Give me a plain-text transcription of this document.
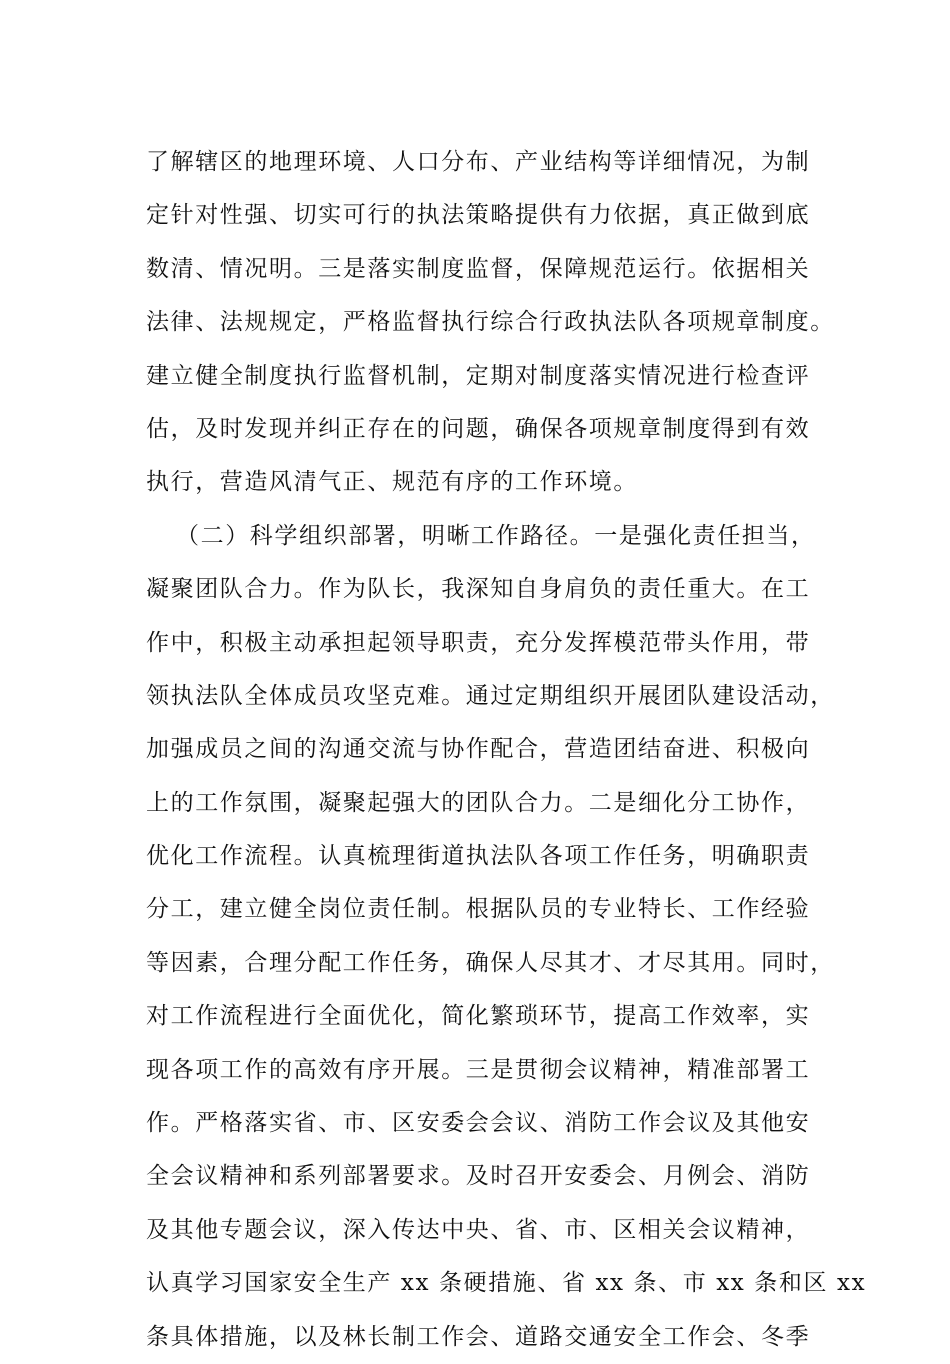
了解辖区的地理环境、人口分布、产业结构等详细情况，为制
定针对性强、切实可行的执法策略提供有力依据，真正做到底
数清、情况明。三是落实制度监督，保障规范运行。依据相关
法律、法规规定，严格监督执行综合行政执法队各项规章制度。
建立健全制度执行监督机制，定期对制度落实情况进行检查评
估，及时发现并纠正存在的问题，确保各项规章制度得到有效
执行，营造风清气正、规范有序的工作环境。
（二）科学组织部署，明晰工作路径。一是强化责任担当，
凝聚团队合力。作为队长，我深知自身肩负的责任重大。在工
作中，积极主动承担起领导职责，充分发挥模范带头作用，带
领执法队全体成员攻坚克难。通过定期组织开展团队建设活动，
加强成员之间的沟通交流与协作配合，营造团结奋进、积极向
上的工作氛围，凝聚起强大的团队合力。二是细化分工协作，
优化工作流程。认真梳理街道执法队各项工作任务，明确职责
分工，建立健全岗位责任制。根据队员的专业特长、工作经验
等因素，合理分配工作任务，确保人尽其才、才尽其用。同时，
对工作流程进行全面优化，简化繁琐环节，提高工作效率，实
现各项工作的高效有序开展。三是贯彻会议精神，精准部署工
作。严格落实省、市、区安委会会议、消防工作会议及其他安
全会议精神和系列部署要求。及时召开安委会、月例会、消防
及其他专题会议，深入传达中央、省、市、区相关会议精神，
认真学习国家安全生产 xx 条硬措施、省 xx 条、市 xx 条和区 xx
条具体措施，以及林长制工作会、道路交通安全工作会、冬季
